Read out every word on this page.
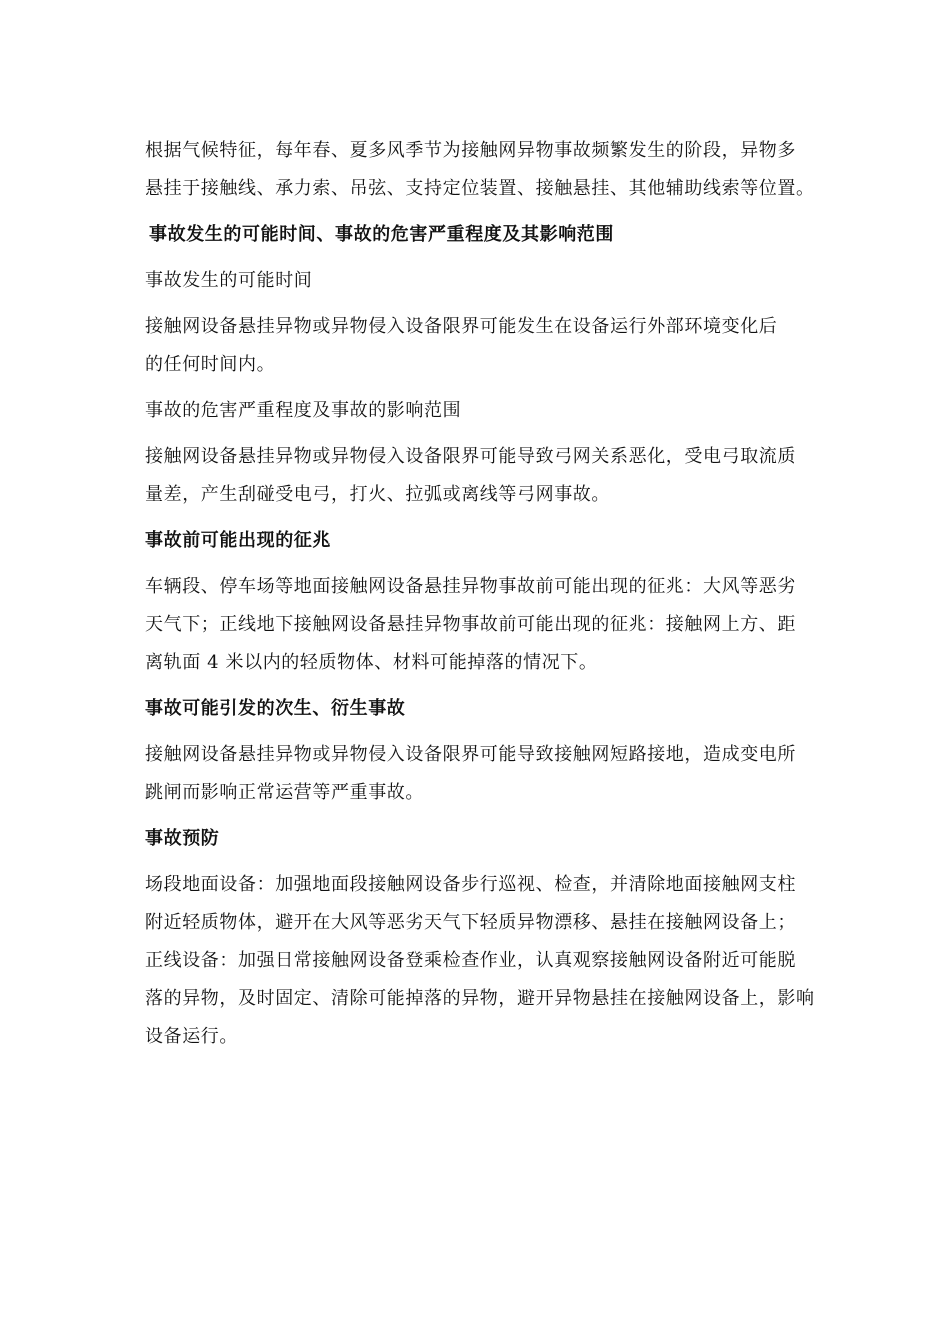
根据气候特征，每年春、夏多风季节为接触网异物事故频繁发生的阶段，异物多
悬挂于接触线、承力索、吊弦、支持定位装置、接触悬挂、其他辅助线索等位置。
事故发生的可能时间、事故的危害严重程度及其影响范围
事故发生的可能时间
接触网设备悬挂异物或异物侵入设备限界可能发生在设备运行外部环境变化后
的任何时间内。
事故的危害严重程度及事故的影响范围
接触网设备悬挂异物或异物侵入设备限界可能导致弓网关系恶化，受电弓取流质
量差，产生刮碰受电弓，打火、拉弧或离线等弓网事故。
事故前可能出现的征兆
车辆段、停车场等地面接触网设备悬挂异物事故前可能出现的征兆：大风等恶劣
天气下；正线地下接触网设备悬挂异物事故前可能出现的征兆：接触网上方、距
离轨面 4 米以内的轻质物体、材料可能掉落的情况下。
事故可能引发的次生、衍生事故
接触网设备悬挂异物或异物侵入设备限界可能导致接触网短路接地，造成变电所
跳闸而影响正常运营等严重事故。
事故预防
场段地面设备：加强地面段接触网设备步行巡视、检查，并清除地面接触网支柱
附近轻质物体，避开在大风等恶劣天气下轻质异物漂移、悬挂在接触网设备上；
正线设备：加强日常接触网设备登乘检查作业，认真观察接触网设备附近可能脱
落的异物，及时固定、清除可能掉落的异物，避开异物悬挂在接触网设备上，影响
设备运行。
